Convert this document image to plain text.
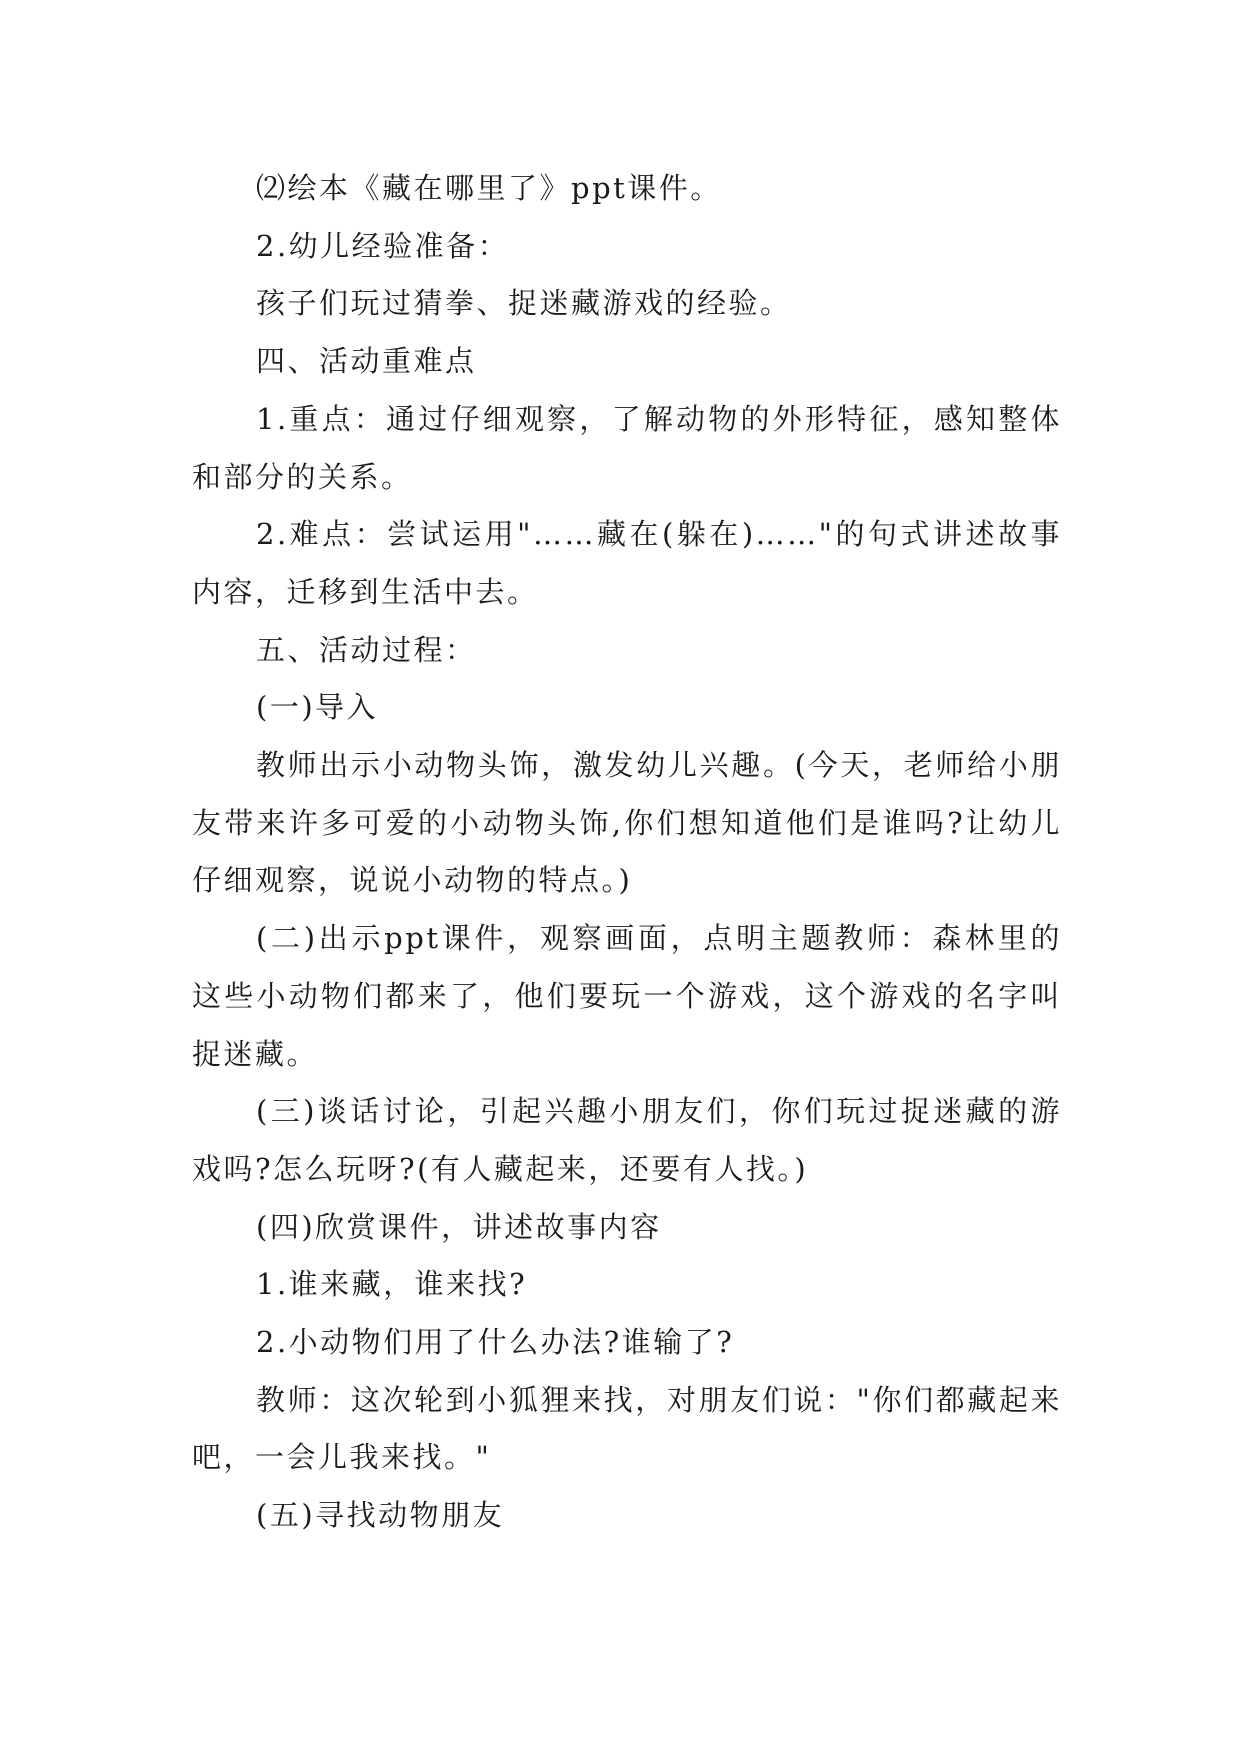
⑵绘本《藏在哪里了》ppt课件。

2.幼儿经验准备：

孩子们玩过猜拳、捉迷藏游戏的经验。

四、活动重难点

1.重点：通过仔细观察，了解动物的外形特征，感知整体和部分的关系。

2.难点：尝试运用"……藏在(躲在)……"的句式讲述故事内容，迁移到生活中去。

五、活动过程：

(一)导入

教师出示小动物头饰，激发幼儿兴趣。(今天，老师给小朋友带来许多可爱的小动物头饰,你们想知道他们是谁吗?让幼儿仔细观察，说说小动物的特点。)

(二)出示ppt课件，观察画面，点明主题教师：森林里的这些小动物们都来了，他们要玩一个游戏，这个游戏的名字叫捉迷藏。

(三)谈话讨论，引起兴趣小朋友们，你们玩过捉迷藏的游戏吗?怎么玩呀?(有人藏起来，还要有人找。)

(四)欣赏课件，讲述故事内容

1.谁来藏，谁来找?

2.小动物们用了什么办法?谁输了?

教师：这次轮到小狐狸来找，对朋友们说："你们都藏起来吧，一会儿我来找。"

(五)寻找动物朋友
